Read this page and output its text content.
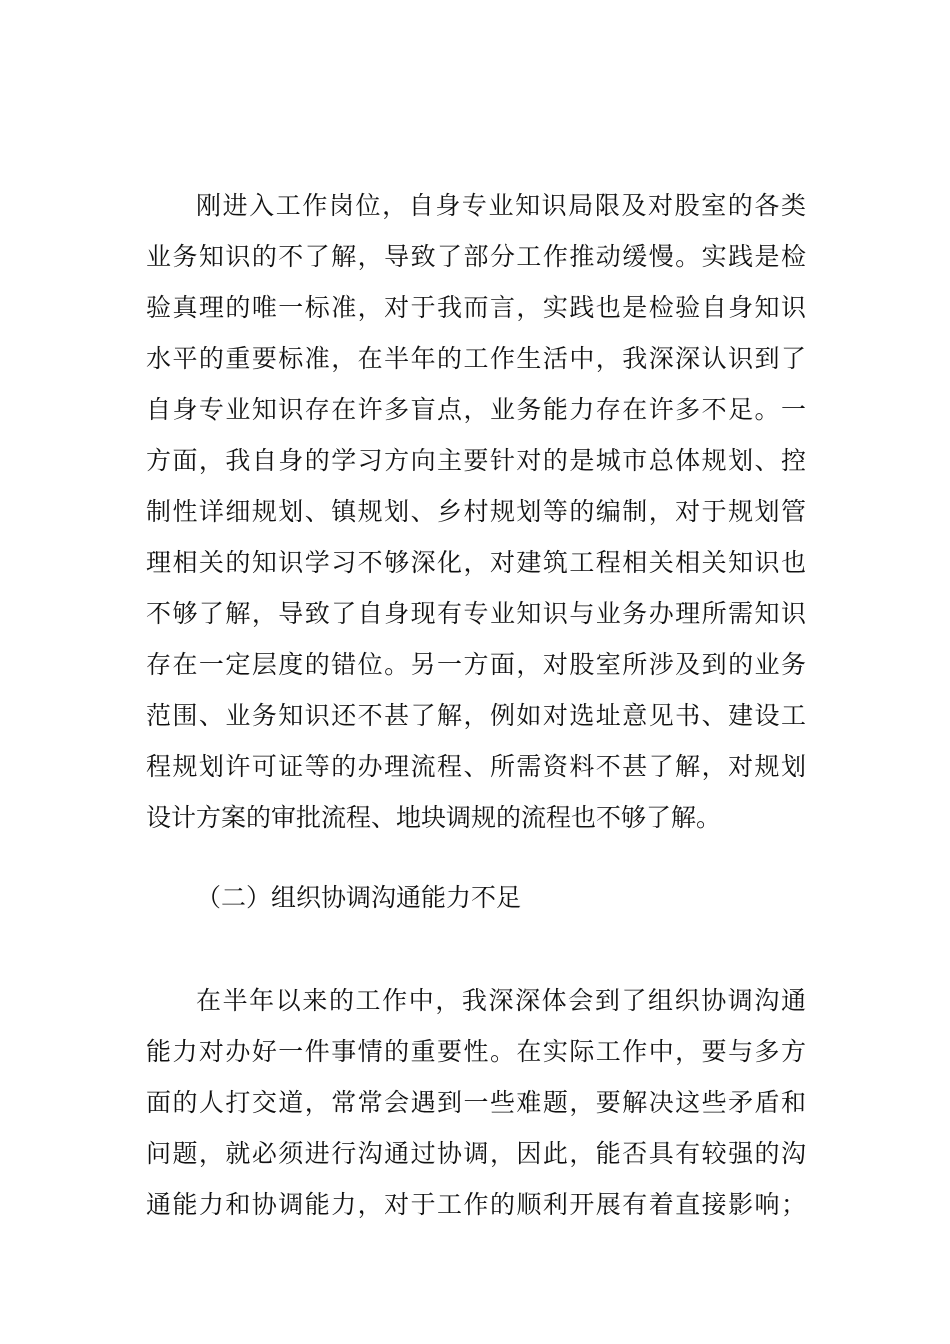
刚进入工作岗位，自身专业知识局限及对股室的各类
业务知识的不了解，导致了部分工作推动缓慢。实践是检
验真理的唯一标准，对于我而言，实践也是检验自身知识
水平的重要标准，在半年的工作生活中，我深深认识到了
自身专业知识存在许多盲点，业务能力存在许多不足。一
方面，我自身的学习方向主要针对的是城市总体规划、控
制性详细规划、镇规划、乡村规划等的编制，对于规划管
理相关的知识学习不够深化，对建筑工程相关相关知识也
不够了解，导致了自身现有专业知识与业务办理所需知识
存在一定层度的错位。另一方面，对股室所涉及到的业务
范围、业务知识还不甚了解，例如对选址意见书、建设工
程规划许可证等的办理流程、所需资料不甚了解，对规划
设计方案的审批流程、地块调规的流程也不够了解。
（二）组织协调沟通能力不足
在半年以来的工作中，我深深体会到了组织协调沟通
能力对办好一件事情的重要性。在实际工作中，要与多方
面的人打交道，常常会遇到一些难题，要解决这些矛盾和
问题，就必须进行沟通过协调，因此，能否具有较强的沟
通能力和协调能力，对于工作的顺利开展有着直接影响；
